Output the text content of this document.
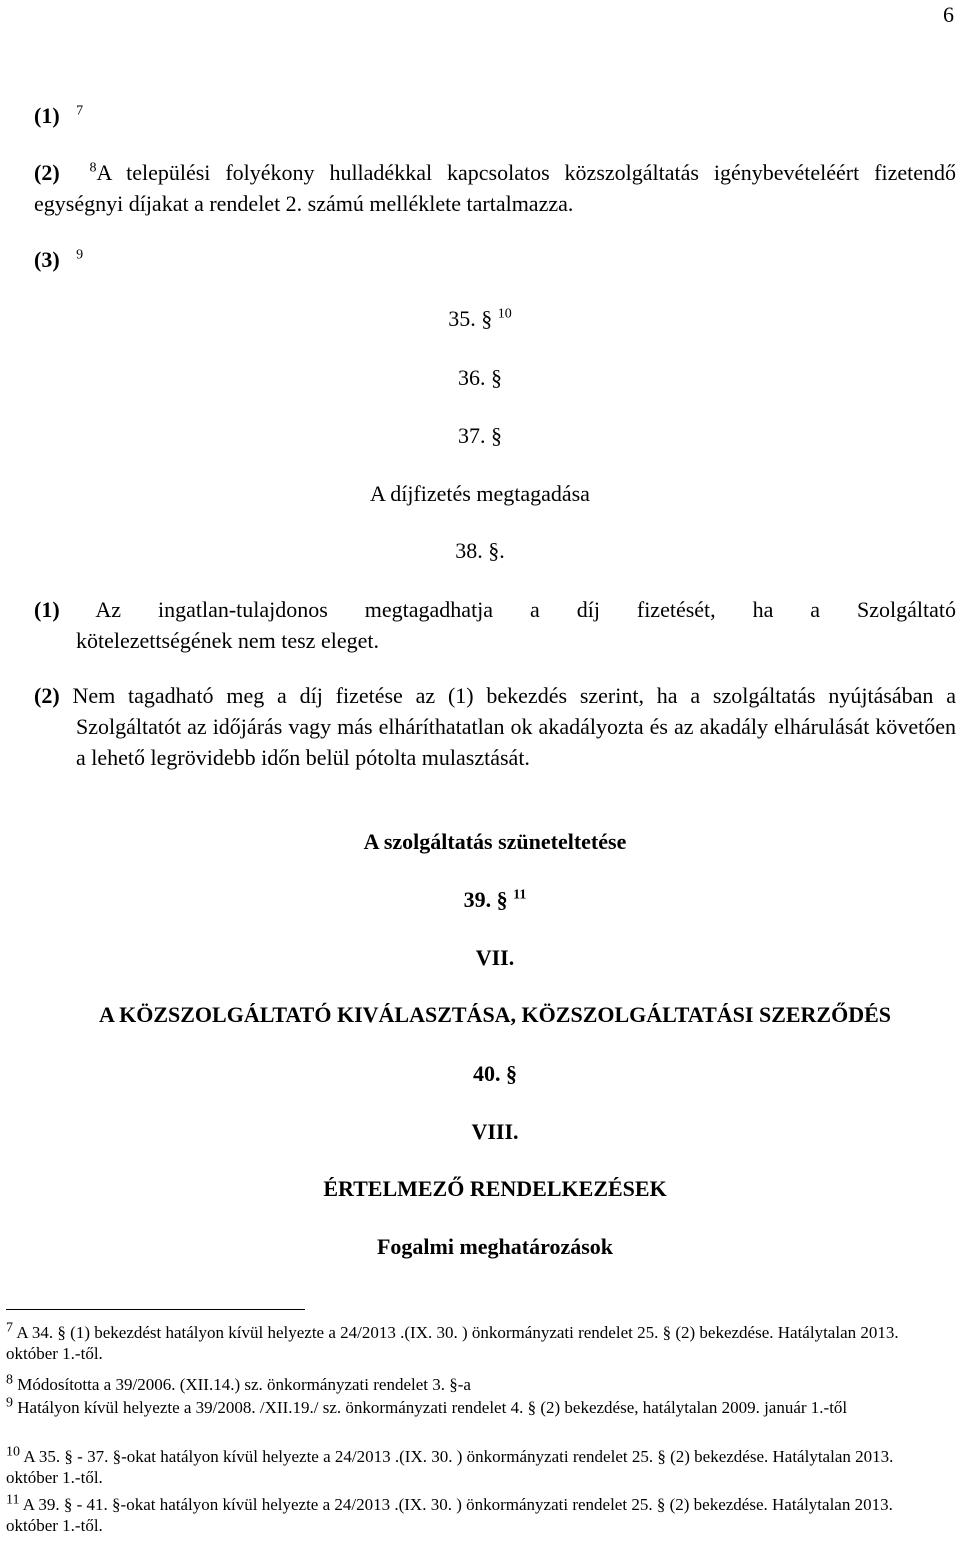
6
(1) $^7$
(2) $^8$A települési folyékony hulladékkal kapcsolatos közszolgáltatás igénybevételéért fizetendő egységnyi díjakat a rendelet 2. számú melléklete tartalmazza.
(3) $^9$
35. § $^{10}$
36. §
37. §
A díjfizetés megtagadása
38. §.
(1) Az ingatlan-tulajdonos megtagadhatja a díj fizetését, ha a Szolgáltató
kötelezettségének nem tesz eleget.
(2) Nem tagadható meg a díj fizetése az (1) bekezdés szerint, ha a szolgáltatás nyújtásában a Szolgáltatót az időjárás vagy más elháríthatatlan ok akadályozta és az akadály elhárulását követően a lehető legrövidebb időn belül pótolta mulasztását.
A szolgáltatás szüneteltetése
39. § $^{11}$
VII.
A KÖZSZOLGÁLTATÓ KIVÁLASZTÁSA, KÖZSZOLGÁLTATÁSI SZERZŐDÉS
40. §
VIII.
ÉRTELMEZŐ RENDELKEZÉSEK
Fogalmi meghatározások
$^7$ A 34. § (1) bekezdést hatályon kívül helyezte a 24/2013 .(IX. 30. ) önkormányzati rendelet 25. § (2) bekezdése. Hatálytalan 2013. október 1.-től.
$^8$ Módosította a 39/2006. (XII.14.) sz. önkormányzati rendelet 3. §-a
$^9$ Hatályon kívül helyezte a 39/2008. /XII.19./ sz. önkormányzati rendelet 4. § (2) bekezdése, hatálytalan 2009. január 1.-től
$^{10}$ A 35. § - 37. §-okat hatályon kívül helyezte a 24/2013 .(IX. 30. ) önkormányzati rendelet 25. § (2) bekezdése. Hatálytalan 2013. október 1.-től.
$^{11}$ A 39. § - 41. §-okat hatályon kívül helyezte a 24/2013 .(IX. 30. ) önkormányzati rendelet 25. § (2) bekezdése. Hatálytalan 2013. október 1.-től.
